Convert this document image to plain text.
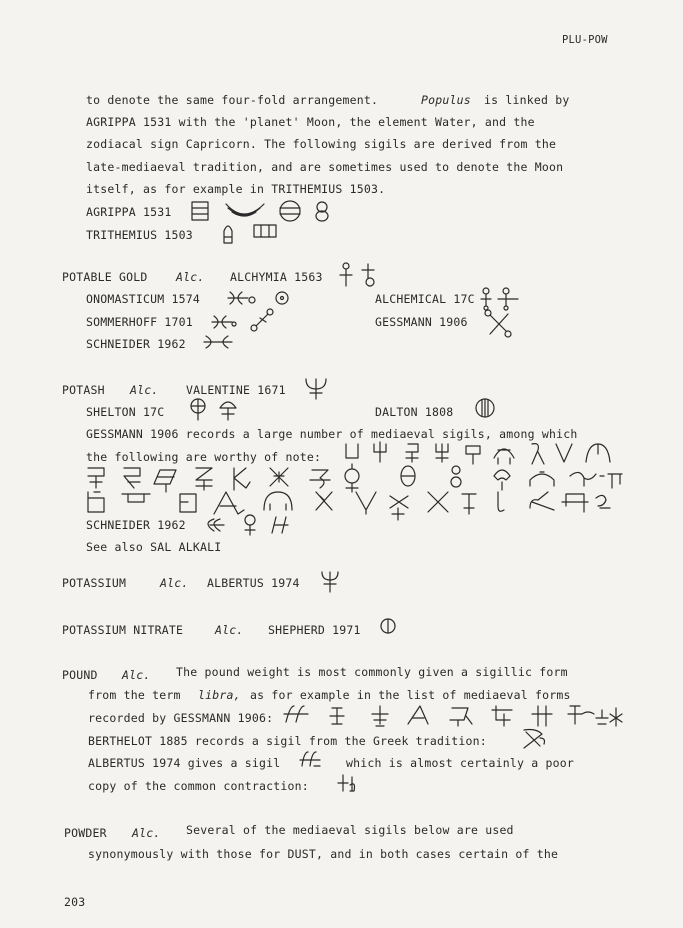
PLU-POW
to denote the same four-fold arrangement.	Populus is linked by
AGRIPPA 1531 with the 'planet' Moon, the element Water, and the
zodiacal sign Capricorn. The following sigils are derived from the
late-mediaeval tradition, and are sometimes used to denote the Moon
itself, as for example in TRITHEMIUS 1503.
AGRIPPA 1531
TRITHEMIUS 1503
POTABLE GOLD Alc. ALCHYMIA 1563
ONOMASTICUM 1574	ALCHEMICAL 17C
SOMMERHOFF 1701	GESSMANN 1906
SCHNEIDER 1962
POTASH Alc. VALENTINE 1671
SHELTON 17C	DALTON 1808
GESSMANN 1906 records a large number of mediaeval sigils, among which
the following are worthy of note:
SCHNEIDER 1962
See also SAL ALKALI
POTASSIUM	Alc. ALBERTUS 1974
POTASSIUM NITRATE	Alc. SHEPHERD 1971
POUND Alc. The pound weight is most commonly given a sigillic form
from the term libra, as for example in the list of mediaeval forms
recorded by GESSMANN 1906:
BERTHELOT 1885 records a sigil from the Greek tradition:
ALBERTUS 1974 gives a sigil	which is almost certainly a poor
copy of the common contraction:
POWDER Alc. Several of the mediaeval sigils below are used
synonymously with those for DUST, and in both cases certain of the
203
